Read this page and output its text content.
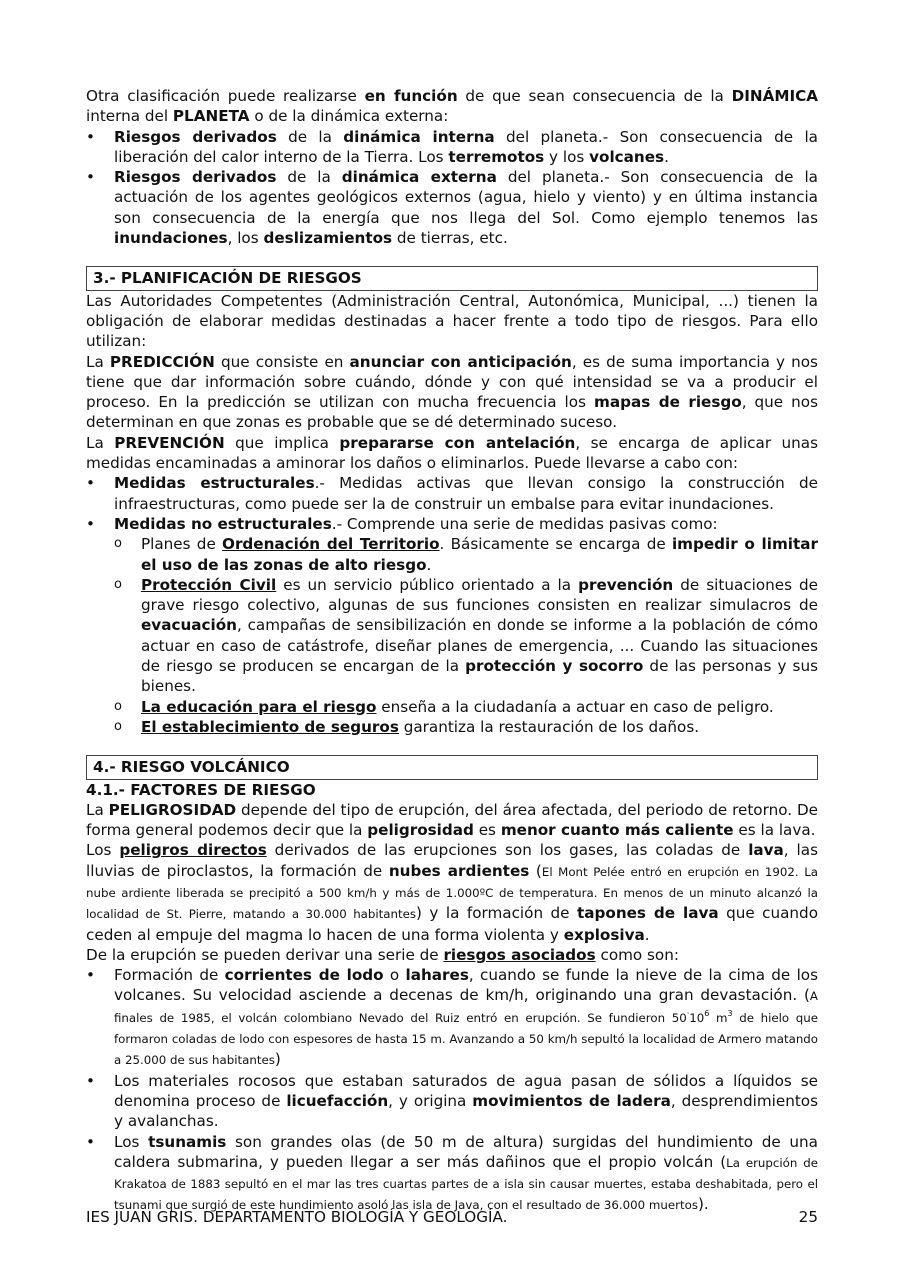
Otra clasificación puede realizarse en función de que sean consecuencia de la DINÁMICA interna del PLANETA o de la dinámica externa:

• Riesgos derivados de la dinámica interna del planeta.- Son consecuencia de la liberación del calor interno de la Tierra. Los terremotos y los volcanes.
• Riesgos derivados de la dinámica externa del planeta.- Son consecuencia de la actuación de los agentes geológicos externos (agua, hielo y viento) y en última instancia son consecuencia de la energía que nos llega del Sol. Como ejemplo tenemos las inundaciones, los deslizamientos de tierras, etc.
3.- PLANIFICACIÓN DE RIESGOS

Las Autoridades Competentes (Administración Central, Autonómica, Municipal, ...) tienen la obligación de elaborar medidas destinadas a hacer frente a todo tipo de riesgos. Para ello utilizan:

La PREDICCIÓN que consiste en anunciar con anticipación, es de suma importancia y nos tiene que dar información sobre cuándo, dónde y con qué intensidad se va a producir el proceso. En la predicción se utilizan con mucha frecuencia los mapas de riesgo, que nos determinan en que zonas es probable que se dé determinado suceso.

La PREVENCIÓN que implica prepararse con antelación, se encarga de aplicar unas medidas encaminadas a aminorar los daños o eliminarlos. Puede llevarse a cabo con:

• Medidas estructurales.- Medidas activas que llevan consigo la construcción de infraestructuras, como puede ser la de construir un embalse para evitar inundaciones.
• Medidas no estructurales.- Comprende una serie de medidas pasivas como:
o Planes de Ordenación del Territorio. Básicamente se encarga de impedir o limitar el uso de las zonas de alto riesgo.
o Protección Civil es un servicio público orientado a la prevención de situaciones de grave riesgo colectivo, algunas de sus funciones consisten en realizar simulacros de evacuación, campañas de sensibilización en donde se informe a la población de cómo actuar en caso de catástrofe, diseñar planes de emergencia, ... Cuando las situaciones de riesgo se producen se encargan de la protección y socorro de las personas y sus bienes.
o La educación para el riesgo enseña a la ciudadanía a actuar en caso de peligro.
o El establecimiento de seguros garantiza la restauración de los daños.
4.- RIESGO VOLCÁNICO

4.1.- FACTORES DE RIESGO

La PELIGROSIDAD depende del tipo de erupción, del área afectada, del periodo de retorno. De forma general podemos decir que la peligrosidad es menor cuanto más caliente es la lava.

Los peligros directos derivados de las erupciones son los gases, las coladas de lava, las lluvias de piroclastos, la formación de nubes ardientes (El Mont Pelée entró en erupción en 1902. La nube ardiente liberada se precipitó a 500 km/h y más de 1.000ºC de temperatura. En menos de un minuto alcanzó la localidad de St. Pierre, matando a 30.000 habitantes) y la formación de tapones de lava que cuando ceden al empuje del magma lo hacen de una forma violenta y explosiva.

De la erupción se pueden derivar una serie de riesgos asociados como son:

• Formación de corrientes de lodo o lahares, cuando se funde la nieve de la cima de los volcanes. Su velocidad asciende a decenas de km/h, originando una gran devastación. (A finales de 1985, el volcán colombiano Nevado del Ruiz entró en erupción. Se fundieron $50^\cdot 10^6$ $m^3$ de hielo que formaron coladas de lodo con espesores de hasta 15 m. Avanzando a 50 km/h sepultó la localidad de Armero matando a 25.000 de sus habitantes)
• Los materiales rocosos que estaban saturados de agua pasan de sólidos a líquidos se denomina proceso de licuefacción, y origina movimientos de ladera, desprendimientos y avalanchas.
• Los tsunamis son grandes olas (de 50 m de altura) surgidas del hundimiento de una caldera submarina, y pueden llegar a ser más dañinos que el propio volcán (La erupción de Krakatoa de 1883 sepultó en el mar las tres cuartas partes de a isla sin causar muertes, estaba deshabitada, pero el tsunami que surgió de este hundimiento asoló las isla de Java, con el resultado de 36.000 muertos).
IES JUAN GRIS. DEPARTAMENTO BIOLOGÍA Y GEOLOGÍA.	25
